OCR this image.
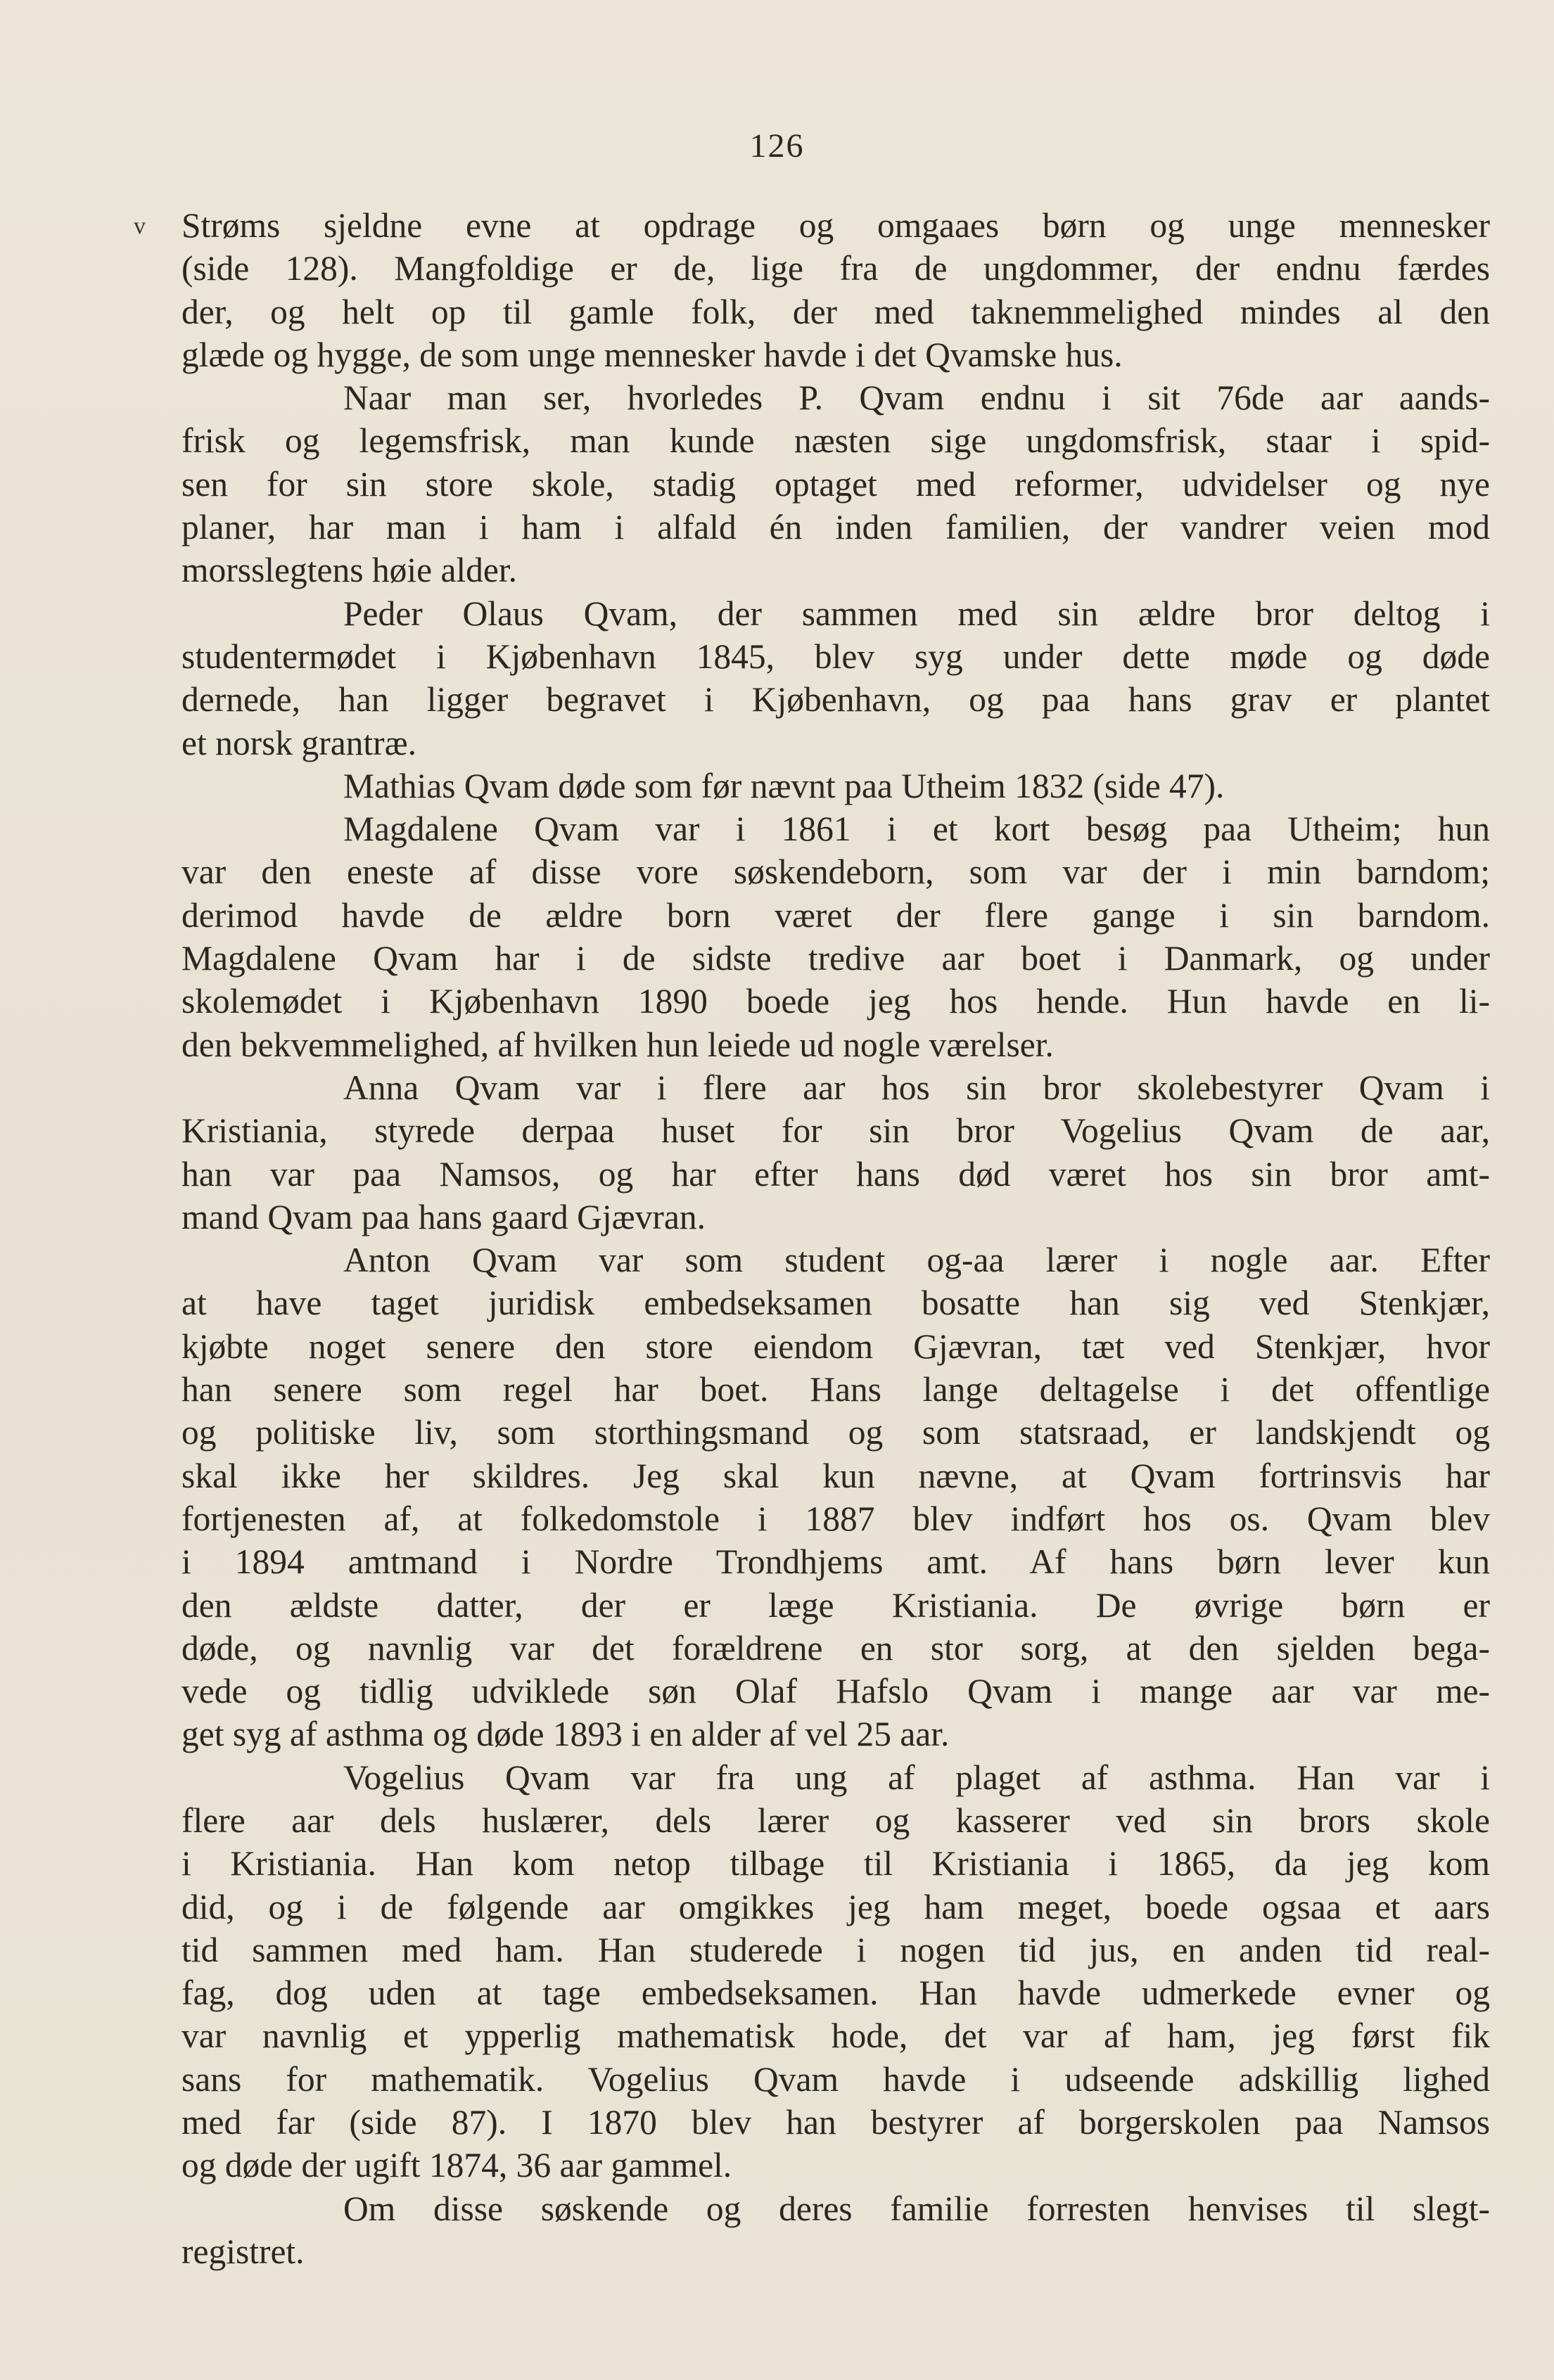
126
v Strøms sjeldne evne at opdrage og omgaaes børn og unge mennesker
(side 128). Mangfoldige er de, lige fra de ungdommer, der endnu færdes
der, og helt op til gamle folk, der med taknemmelighed mindes al den
glæde og hygge, de som unge mennesker havde i det Qvamske hus.
Naar man ser, hvorledes P. Qvam endnu i sit 76de aar aands-
frisk og legemsfrisk, man kunde næsten sige ungdomsfrisk, staar i spid-
sen for sin store skole, stadig optaget med reformer, udvidelser og nye
planer, har man i ham i alfald én inden familien, der vandrer veien mod
morsslegtens høie alder.
Peder Olaus Qvam, der sammen med sin ældre bror deltog i
studentermødet i Kjøbenhavn 1845, blev syg under dette møde og døde
dernede, han ligger begravet i Kjøbenhavn, og paa hans grav er plantet
et norsk grantræ.
Mathias Qvam døde som før nævnt paa Utheim 1832 (side 47).
Magdalene Qvam var i 1861 i et kort besøg paa Utheim; hun
var den eneste af disse vore søskendeborn, som var der i min barndom;
derimod havde de ældre born været der flere gange i sin barndom.
Magdalene Qvam har i de sidste tredive aar boet i Danmark, og under
skolemødet i Kjøbenhavn 1890 boede jeg hos hende. Hun havde en li-
den bekvemmelighed, af hvilken hun leiede ud nogle værelser.
Anna Qvam var i flere aar hos sin bror skolebestyrer Qvam i
Kristiania, styrede derpaa huset for sin bror Vogelius Qvam de aar,
han var paa Namsos, og har efter hans død været hos sin bror amt-
mand Qvam paa hans gaard Gjævran.
Anton Qvam var som student og-aa lærer i nogle aar. Efter
at have taget juridisk embedseksamen bosatte han sig ved Stenkjær,
kjøbte noget senere den store eiendom Gjævran, tæt ved Stenkjær, hvor
han senere som regel har boet. Hans lange deltagelse i det offentlige
og politiske liv, som storthingsmand og som statsraad, er landskjendt og
skal ikke her skildres. Jeg skal kun nævne, at Qvam fortrinsvis har
fortjenesten af, at folkedomstole i 1887 blev indført hos os. Qvam blev
i 1894 amtmand i Nordre Trondhjems amt. Af hans børn lever kun
den ældste datter, der er læge Kristiania. De øvrige børn er
døde, og navnlig var det forældrene en stor sorg, at den sjelden bega-
vede og tidlig udviklede søn Olaf Hafslo Qvam i mange aar var me-
get syg af asthma og døde 1893 i en alder af vel 25 aar.
Vogelius Qvam var fra ung af plaget af asthma. Han var i
flere aar dels huslærer, dels lærer og kasserer ved sin brors skole
i Kristiania. Han kom netop tilbage til Kristiania i 1865, da jeg kom
did, og i de følgende aar omgikkes jeg ham meget, boede ogsaa et aars
tid sammen med ham. Han studerede i nogen tid jus, en anden tid real-
fag, dog uden at tage embedseksamen. Han havde udmerkede evner og
var navnlig et ypperlig mathematisk hode, det var af ham, jeg først fik
sans for mathematik. Vogelius Qvam havde i udseende adskillig lighed
med far (side 87). I 1870 blev han bestyrer af borgerskolen paa Namsos
og døde der ugift 1874, 36 aar gammel.
Om disse søskende og deres familie forresten henvises til slegt-
registret.
